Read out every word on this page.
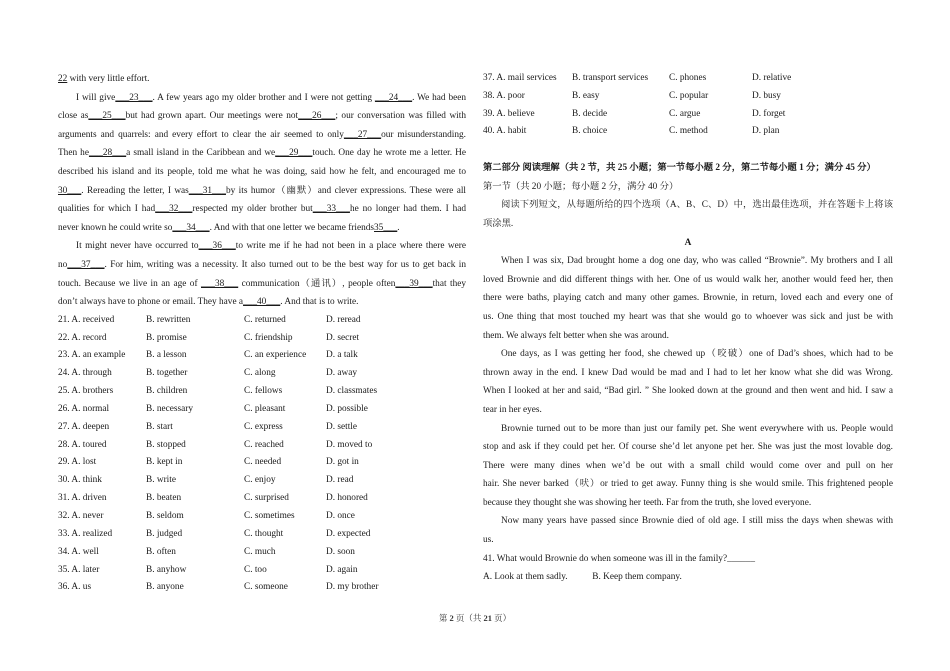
22 with very little effort.
I will give___23___. A few years ago my older brother and I were not getting ___24___. We had been
close as___25___but had grown apart. Our meetings were not___26___; our conversation was filled with
arguments and quarrels: and every effort to clear the air seemed to only___27___our misunderstanding.
Then he___28___a small island in the Caribbean and we___29___touch. One day he wrote me a letter. He
described his island and its people, told me what he was doing, said how he felt, and encouraged me to
30___. Rereading the letter, I was___31___by its humor（幽默）and clever expressions. These were all
qualities for which I had___32___respected my older brother but___33___he no longer had them. I had
never known he could write so___34___. And with that one letter we became friends35___.
It might never have occurred to___36___to write me if he had not been in a place where there were
no___37___. For him, writing was a necessity. It also turned out to be the best way for us to get back in
touch. Because we live in an age of ___38___ communication（通讯）, people often___39___that they
don’t always have to phone or email. They have a___40___. And that is to write.
21. A. received	B. rewritten	C. returned	D. reread
22. A. record	B. promise	C. friendship	D. secret
23. A. an example B. a lesson	C. an experience D. a talk
24. A. through	B. together	C. along	D. away
25. A. brothers	B. children	C. fellows	D. classmates
26. A. normal	B. necessary	C. pleasant	D. possible
27. A. deepen	B. start	C. express	D. settle
28. A. toured	B. stopped	C. reached	D. moved to
29. A. lost	B. kept in	C. needed	D. got in
30. A. think	B. write	C. enjoy	D. read
31. A. driven	B. beaten	C. surprised	D. honored
32. A. never	B. seldom	C. sometimes	D. once
33. A. realized	B. judged	C. thought	D. expected
34. A. well	B. often	C. much	D. soon
35. A. later	B. anyhow	C. too	D. again
36. A. us	B. anyone	C. someone	D. my brother
37. A. mail services B. transport services C. phones	D. relative
38. A. poor	B. easy	C. popular	D. busy
39. A. believe	B. decide	C. argue	D. forget
40. A. habit	B. choice	C. method	D. plan
第二部分 阅读理解（共 2 节，共 25 小题；第一节每小题 2 分，第二节每小题 1 分；满分 45 分）
第一节（共 20 小题；每小题 2 分，满分 40 分）
阅读下列短文，从每题所给的四个选项（A、B、C、D）中，选出最佳选项，并在答题卡上将该
项涂黑.
A
When I was six, Dad brought home a dog one day, who was called “Brownie”. My brothers and I all
loved Brownie and did different things with her. One of us would walk her, another would feed her, then
there were baths, playing catch and many other games. Brownie, in return, loved each and every one of
us. One thing that most touched my heart was that she would go to whoever was sick and just be with
them. We always felt better when she was around.
One days, as I was getting her food, she chewed up（咬破）one of Dad’s shoes, which had to be
thrown away in the end. I knew Dad would be mad and I had to let her know what she did was Wrong.
When I looked at her and said, “Bad girl. ” She looked down at the ground and then went and hid. I saw a
tear in her eyes.
Brownie turned out to be more than just our family pet. She went everywhere with us. People would
stop and ask if they could pet her. Of course she’d let anyone pet her. She was just the most lovable dog.
There were many dines when we’d be out with a small child would come over and pull on her
hair. She never barked（吠）or tried to get away. Funny thing is she would smile. This frightened people
because they thought she was showing her teeth. Far from the truth, she loved everyone.
Now many years have passed since Brownie died of old age. I still miss the days when shewas with
us.
41. What would Brownie do when someone was ill in the family?______
A. Look at them sadly.	B. Keep them company.
第 2 页（共 21 页）
